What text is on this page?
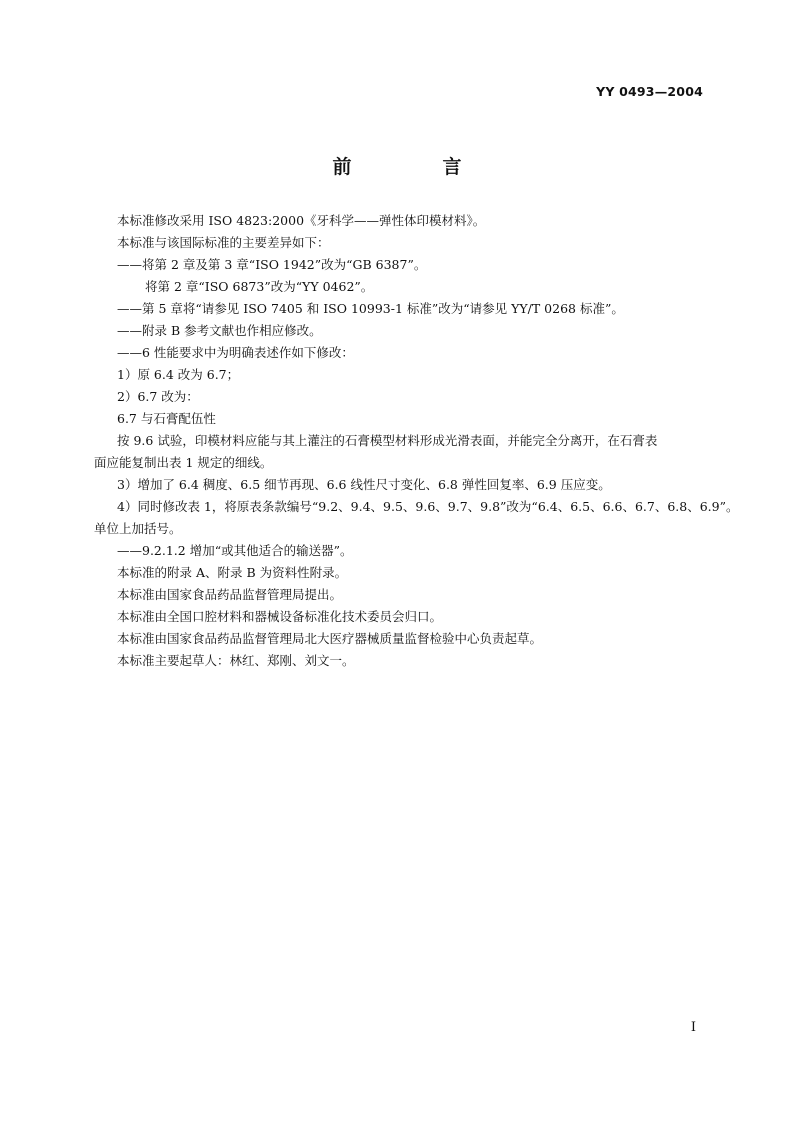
YY 0493—2004
前　言

本标准修改采用 ISO 4823:2000《牙科学——弹性体印模材料》。

本标准与该国际标准的主要差异如下：

——将第 2 章及第 3 章“ISO 1942”改为“GB 6387”。

将第 2 章“ISO 6873”改为“YY 0462”。

——第 5 章将“请参见 ISO 7405 和 ISO 10993-1 标准”改为“请参见 YY/T 0268 标准”。

——附录 B 参考文献也作相应修改。

——6 性能要求中为明确表述作如下修改：

1）原 6.4 改为 6.7；

2）6.7 改为：

6.7 与石膏配伍性

按 9.6 试验，印模材料应能与其上灌注的石膏模型材料形成光滑表面，并能完全分离开，在石膏表

面应能复制出表 1 规定的细线。

3）增加了 6.4 稠度、6.5 细节再现、6.6 线性尺寸变化、6.8 弹性回复率、6.9 压应变。

4）同时修改表 1，将原表条款编号“9.2、9.4、9.5、9.6、9.7、9.8”改为“6.4、6.5、6.6、6.7、6.8、6.9”。

单位上加括号。

——9.2.1.2 增加“或其他适合的输送器”。

本标准的附录 A、附录 B 为资料性附录。

本标准由国家食品药品监督管理局提出。

本标准由全国口腔材料和器械设备标准化技术委员会归口。

本标准由国家食品药品监督管理局北大医疗器械质量监督检验中心负责起草。

本标准主要起草人：林红、郑刚、刘文一。

I
